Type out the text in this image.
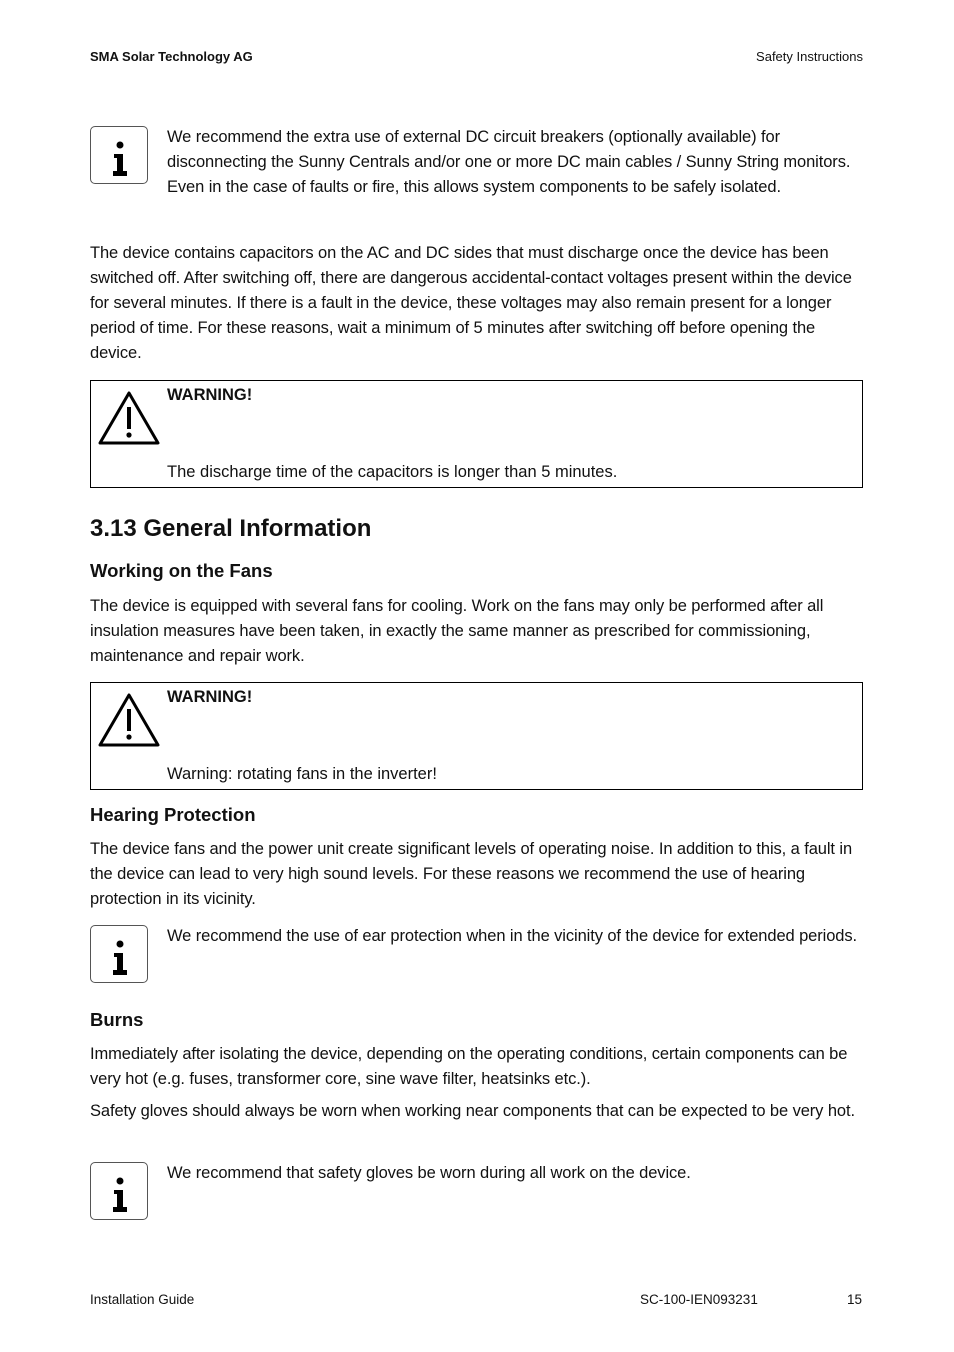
SMA Solar Technology AG	Safety Instructions
We recommend the extra use of external DC circuit breakers (optionally available) for disconnecting the Sunny Centrals and/or one or more DC main cables / Sunny String monitors. Even in the case of faults or fire, this allows system components to be safely isolated.
The device contains capacitors on the AC and DC sides that must discharge once the device has been switched off. After switching off, there are dangerous accidental-contact voltages present within the device for several minutes. If there is a fault in the device, these voltages may also remain present for a longer period of time. For these reasons, wait a minimum of 5 minutes after switching off before opening the device.
WARNING!
The discharge time of the capacitors is longer than 5 minutes.
3.13 General Information
Working on the Fans
The device is equipped with several fans for cooling. Work on the fans may only be performed after all insulation measures have been taken, in exactly the same manner as prescribed for commissioning, maintenance and repair work.
WARNING!
Warning: rotating fans in the inverter!
Hearing Protection
The device fans and the power unit create significant levels of operating noise. In addition to this, a fault in the device can lead to very high sound levels. For these reasons we recommend the use of hearing protection in its vicinity.
We recommend the use of ear protection when in the vicinity of the device for extended periods.
Burns
Immediately after isolating the device, depending on the operating conditions, certain components can be very hot (e.g. fuses, transformer core, sine wave filter, heatsinks etc.).
Safety gloves should always be worn when working near components that can be expected to be very hot.
We recommend that safety gloves be worn during all work on the device.
Installation Guide	SC-100-IEN093231	15
